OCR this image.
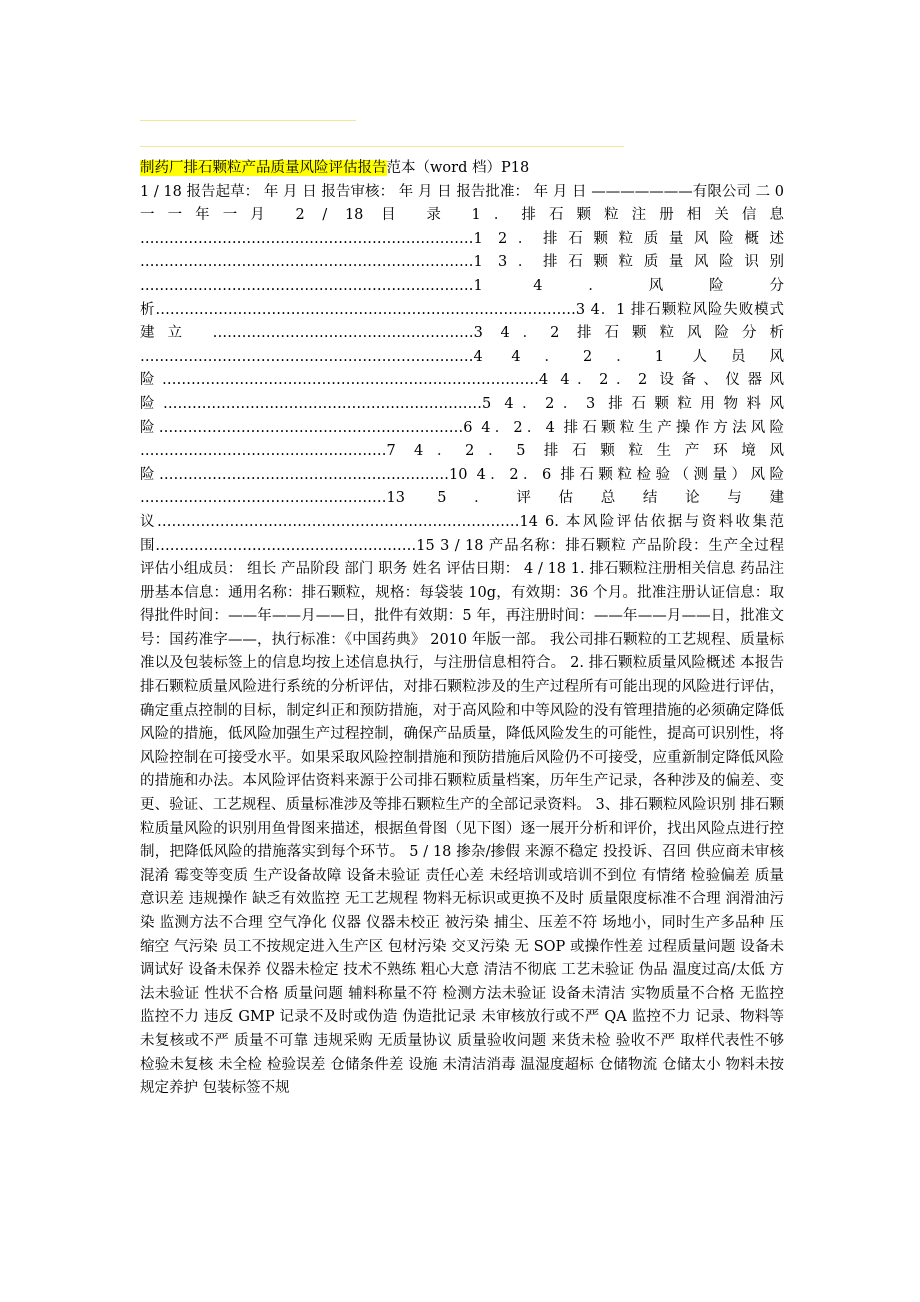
制药厂排石颗粒产品质量风险评估报告范本（word 档）P18
1 / 18 报告起草： 年 月 日 报告审核： 年 月 日 报告批准： 年 月 日 ———————有限公司 二 0 一一年一月 2 / 18 目 录 1．排石颗粒注册相关信息 ……………………………………………………………1 2．排石颗粒质量风险概述 ……………………………………………………………1 3．排石颗粒质量风险识别 ……………………………………………………………1 4．风险分析……………………………………………………………………………3 4．1 排石颗粒风险失败模式建立 ………………………………………………3 4．2 排石颗粒风险分析 ……………………………………………………………4 4．2．1 人员风险……………………………………………………………………4 4．2．2 设备、仪器风险…………………………………………………………5 4．2．3 排石颗粒用物料风险………………………………………………………6 4．2．4 排石颗粒生产操作方法风险 ……………………………………………7 4．2．5 排石颗粒生产环境风险……………………………………………………10 4．2．6 排石颗粒检验（测量）风险 ……………………………………………13 5．评估总结论与建议…………………………………………………………………14 6. 本风险评估依据与资料收集范围………………………………………………15 3 / 18 产品名称：排石颗粒 产品阶段：生产全过程 评估小组成员： 组长 产品阶段 部门 职务 姓名 评估日期： 4 / 18 1. 排石颗粒注册相关信息 药品注册基本信息：通用名称：排石颗粒，规格：每袋装 10g，有效期：36 个月。批准注册认证信息：取得批件时间：——年——月——日，批件有效期：5 年，再注册时间：——年——月——日，批准文号：国药准字——，执行标准：《中国药典》 2010 年版一部。 我公司排石颗粒的工艺规程、质量标准以及包装标签上的信息均按上述信息执行，与注册信息相符合。 2. 排石颗粒质量风险概述 本报告排石颗粒质量风险进行系统的分析评估，对排石颗粒涉及的生产过程所有可能出现的风险进行评估，确定重点控制的目标，制定纠正和预防措施，对于高风险和中等风险的没有管理措施的必须确定降低风险的措施，低风险加强生产过程控制，确保产品质量，降低风险发生的可能性，提高可识别性，将风险控制在可接受水平。如果采取风险控制措施和预防措施后风险仍不可接受，应重新制定降低风险的措施和办法。本风险评估资料来源于公司排石颗粒质量档案，历年生产记录，各种涉及的偏差、变更、验证、工艺规程、质量标准涉及等排石颗粒生产的全部记录资料。 3、排石颗粒风险识别 排石颗粒质量风险的识别用鱼骨图来描述，根据鱼骨图（见下图）逐一展开分析和评价，找出风险点进行控制，把降低风险的措施落实到每个环节。 5 / 18 掺杂/掺假 来源不稳定 投投诉、召回 供应商未审核 混淆 霉变等变质 生产设备故障 设备未验证 责任心差 未经培训或培训不到位 有情绪 检验偏差 质量意识差 违规操作 缺乏有效监控 无工艺规程 物料无标识或更换不及时 质量限度标准不合理 润滑油污染 监测方法不合理 空气净化 仪器 仪器未校正 被污染 捕尘、压差不符 场地小，同时生产多品种 压缩空 气污染 员工不按规定进入生产区 包材污染 交叉污染 无 SOP 或操作性差 过程质量问题 设备未调试好 设备未保养 仪器未检定 技术不熟练 粗心大意 清洁不彻底 工艺未验证 伪品 温度过高/太低 方法未验证 性状不合格 质量问题 辅料称量不符 检测方法未验证 设备未清洁 实物质量不合格 无监控 监控不力 违反 GMP 记录不及时或伪造 伪造批记录 未审核放行或不严 QA 监控不力 记录、物料等未复核或不严 质量不可靠 违规采购 无质量协议 质量验收问题 来货未检 验收不严 取样代表性不够 检验未复核 未全检 检验误差 仓储条件差 设施 未清洁消毒 温湿度超标 仓储物流 仓储太小 物料未按规定养护 包装标签不规
